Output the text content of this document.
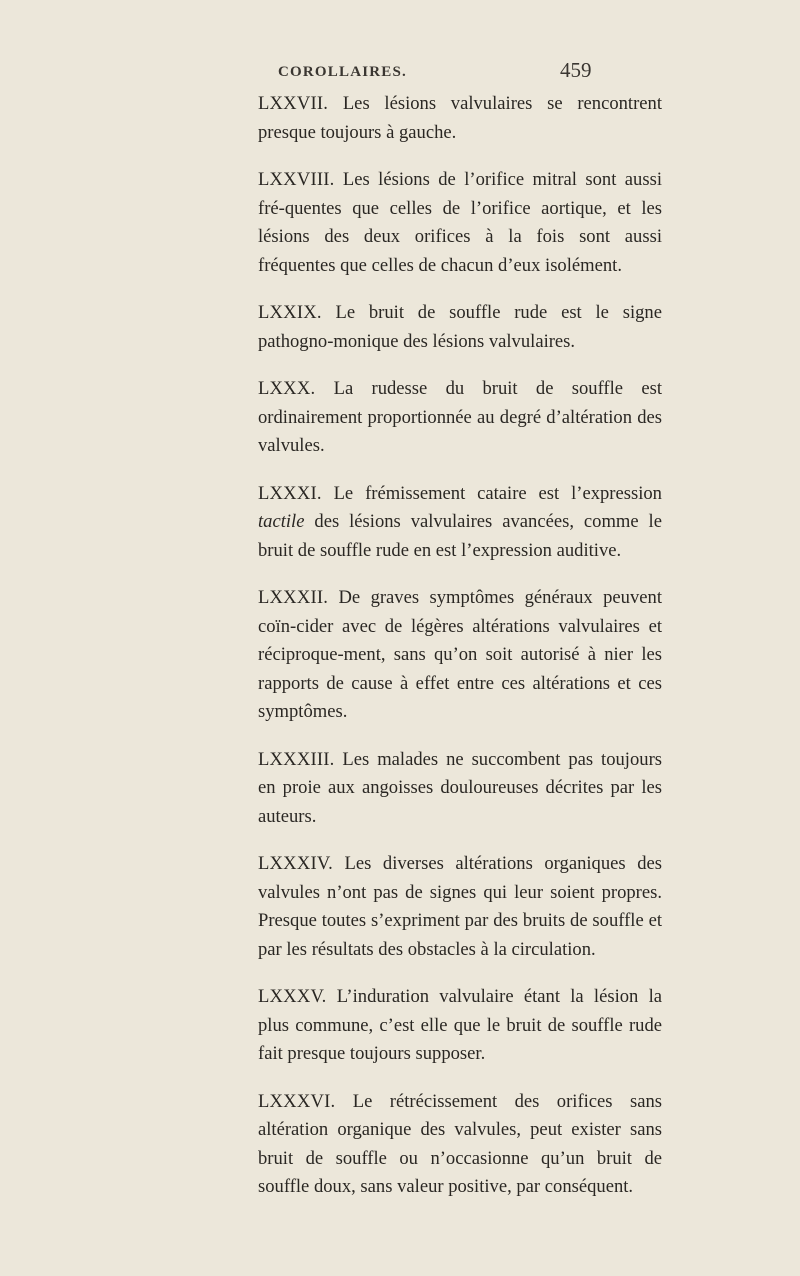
COROLLAIRES.	459

LXXVII. Les lésions valvulaires se rencontrent presque toujours à gauche.

LXXVIII. Les lésions de l’orifice mitral sont aussi fré-quentes que celles de l’orifice aortique, et les lésions des deux orifices à la fois sont aussi fréquentes que celles de chacun d’eux isolément.

LXXIX. Le bruit de souffle rude est le signe pathogno-monique des lésions valvulaires.

LXXX. La rudesse du bruit de souffle est ordinairement proportionnée au degré d’altération des valvules.

LXXXI. Le frémissement cataire est l’expression tactile des lésions valvulaires avancées, comme le bruit de souffle rude en est l’expression auditive.

LXXXII. De graves symptômes généraux peuvent coïn-cider avec de légères altérations valvulaires et réciproque-ment, sans qu’on soit autorisé à nier les rapports de cause à effet entre ces altérations et ces symptômes.

LXXXIII. Les malades ne succombent pas toujours en proie aux angoisses douloureuses décrites par les auteurs.

LXXXIV. Les diverses altérations organiques des valvules n’ont pas de signes qui leur soient propres. Presque toutes s’expriment par des bruits de souffle et par les résultats des obstacles à la circulation.

LXXXV. L’induration valvulaire étant la lésion la plus commune, c’est elle que le bruit de souffle rude fait presque toujours supposer.

LXXXVI. Le rétrécissement des orifices sans altération organique des valvules, peut exister sans bruit de souffle ou n’occasionne qu’un bruit de souffle doux, sans valeur positive, par conséquent.
